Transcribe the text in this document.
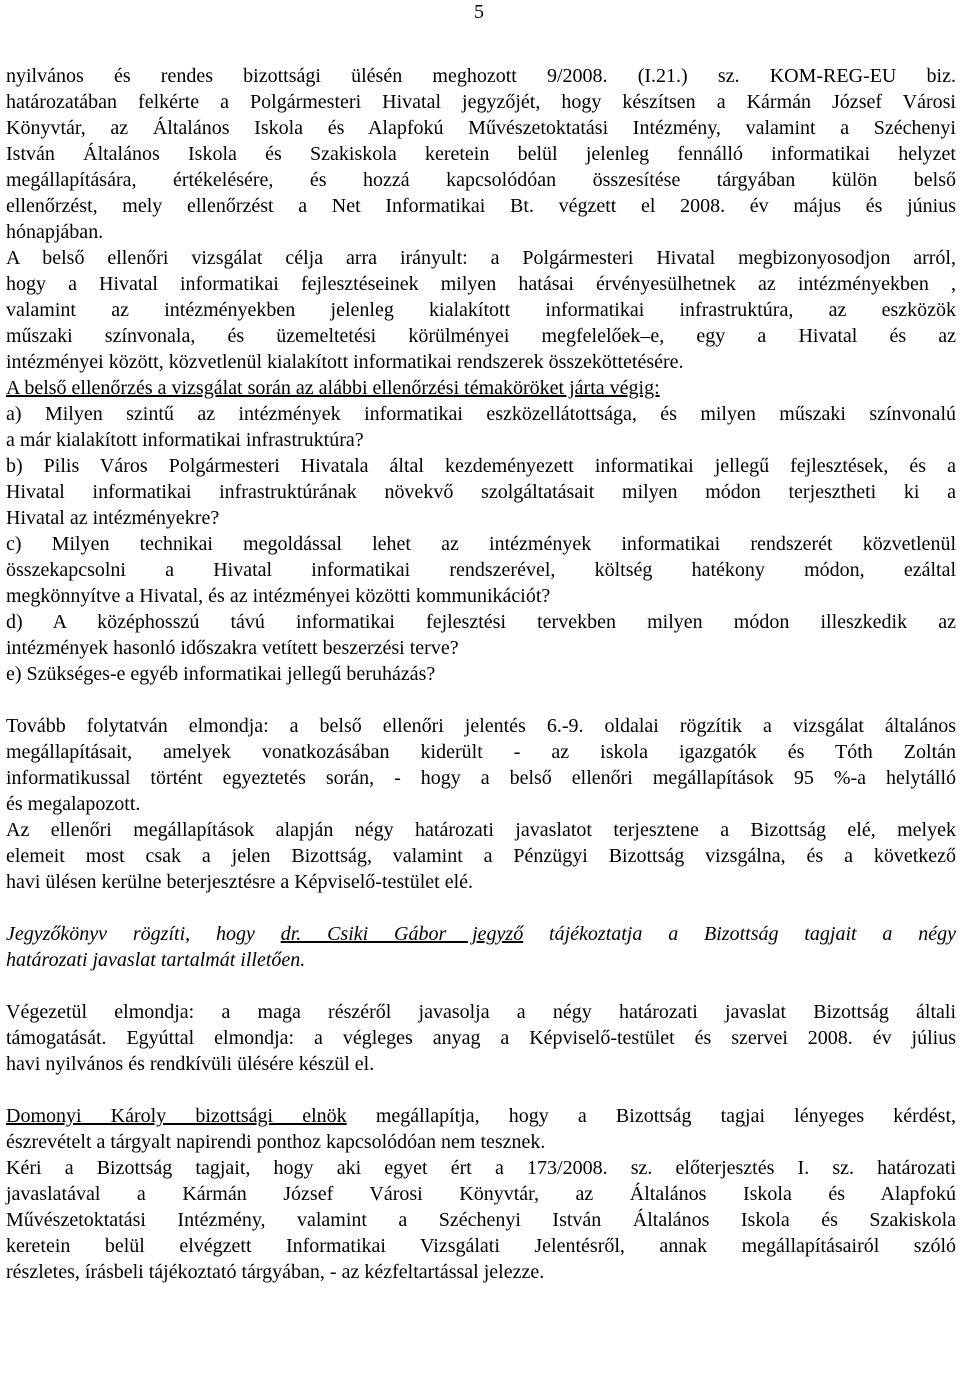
5

nyilvános és rendes bizottsági ülésén meghozott 9/2008. (I.21.) sz. KOM-REG-EU biz.

határozatában felkérte a Polgármesteri Hivatal jegyzőjét, hogy készítsen a Kármán József Városi

Könyvtár, az Általános Iskola és Alapfokú Művészetoktatási Intézmény, valamint a Széchenyi

István Általános Iskola és Szakiskola keretein belül jelenleg fennálló informatikai helyzet

megállapítására, értékelésére, és hozzá kapcsolódóan összesítése tárgyában külön belső

ellenőrzést, mely ellenőrzést a Net Informatikai Bt. végzett el 2008. év május és június

hónapjában.

A belső ellenőri vizsgálat célja arra irányult: a Polgármesteri Hivatal megbizonyosodjon arról,

hogy a Hivatal informatikai fejlesztéseinek milyen hatásai érvényesülhetnek az intézményekben ,

valamint az intézményekben jelenleg kialakított informatikai infrastruktúra, az eszközök

műszaki színvonala, és üzemeltetési körülményei megfelelőek–e, egy a Hivatal és az

intézményei között, közvetlenül kialakított informatikai rendszerek összeköttetésére.

A belső ellenőrzés a vizsgálat során az alábbi ellenőrzési témaköröket járta végig:

a) Milyen szintű az intézmények informatikai eszközellátottsága, és milyen műszaki színvonalú

a már kialakított informatikai infrastruktúra?

b) Pilis Város Polgármesteri Hivatala által kezdeményezett informatikai jellegű fejlesztések, és a

Hivatal informatikai infrastruktúrának növekvő szolgáltatásait milyen módon terjesztheti ki a

Hivatal az intézményekre?

c) Milyen technikai megoldással lehet az intézmények informatikai rendszerét közvetlenül

összekapcsolni a Hivatal informatikai rendszerével, költség hatékony módon, ezáltal

megkönnyítve a Hivatal, és az intézményei közötti kommunikációt?

d) A középhosszú távú informatikai fejlesztési tervekben milyen módon illeszkedik az

intézmények hasonló időszakra vetített beszerzési terve?

e) Szükséges-e egyéb informatikai jellegű beruházás?

Tovább folytatván elmondja: a belső ellenőri jelentés 6.-9. oldalai rögzítik a vizsgálat általános

megállapításait, amelyek vonatkozásában kiderült - az iskola igazgatók és Tóth Zoltán

informatikussal történt egyeztetés során, - hogy a belső ellenőri megállapítások 95 %-a helytálló

és megalapozott.

Az ellenőri megállapítások alapján négy határozati javaslatot terjesztene a Bizottság elé, melyek

elemeit most csak a jelen Bizottság, valamint a Pénzügyi Bizottság vizsgálna, és a következő

havi ülésen kerülne beterjesztésre a Képviselő-testület elé.

Jegyzőkönyv rögzíti, hogy dr. Csiki Gábor jegyző tájékoztatja a Bizottság tagjait a négy

határozati javaslat tartalmát illetően.

Végezetül elmondja: a maga részéről javasolja a négy határozati javaslat Bizottság általi

támogatását. Egyúttal elmondja: a végleges anyag a Képviselő-testület és szervei 2008. év július

havi nyilvános és rendkívüli ülésére készül el.

Domonyi Károly bizottsági elnök megállapítja, hogy a Bizottság tagjai lényeges kérdést,

észrevételt a tárgyalt napirendi ponthoz kapcsolódóan nem tesznek.

Kéri a Bizottság tagjait, hogy aki egyet ért a 173/2008. sz. előterjesztés I. sz. határozati

javaslatával a Kármán József Városi Könyvtár, az Általános Iskola és Alapfokú

Művészetoktatási Intézmény, valamint a Széchenyi István Általános Iskola és Szakiskola

keretein belül elvégzett Informatikai Vizsgálati Jelentésről, annak megállapításairól szóló

részletes, írásbeli tájékoztató tárgyában, - az kézfeltartással jelezze.
